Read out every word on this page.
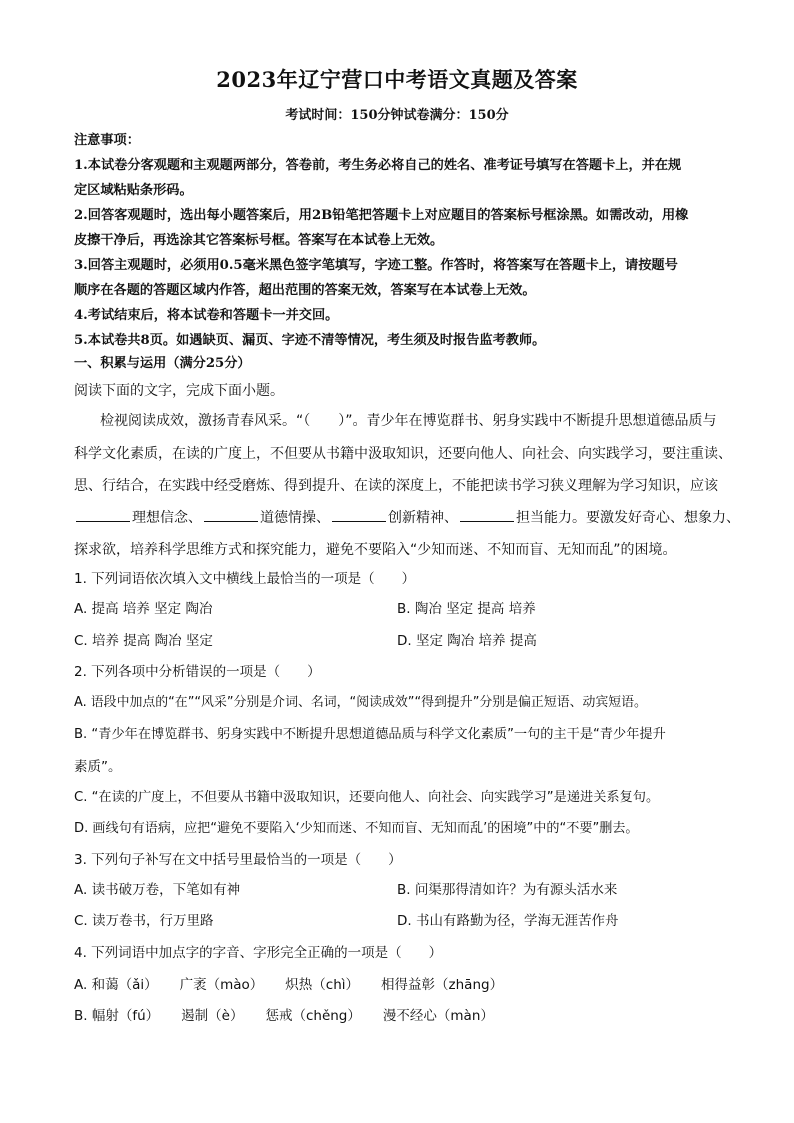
2023年辽宁营口中考语文真题及答案
考试时间：150分钟试卷满分：150分
注意事项：
1.本试卷分客观题和主观题两部分，答卷前，考生务必将自己的姓名、准考证号填写在答题卡上，并在规
定区域粘贴条形码。
2.回答客观题时，选出每小题答案后，用2B铅笔把答题卡上对应题目的答案标号框涂黑。如需改动，用橡
皮擦干净后，再选涂其它答案标号框。答案写在本试卷上无效。
3.回答主观题时，必须用0.5毫米黑色签字笔填写，字迹工整。作答时，将答案写在答题卡上，请按题号
顺序在各题的答题区域内作答，超出范围的答案无效，答案写在本试卷上无效。
4.考试结束后，将本试卷和答题卡一并交回。
5.本试卷共8页。如遇缺页、漏页、字迹不清等情况，考生须及时报告监考教师。
一、积累与运用（满分25分）
阅读下面的文字，完成下面小题。
检视阅读成效，激扬青春风采。“（　　）”。青少年在博览群书、躬身实践中不断提升思想道德品质与
科学文化素质，在读的广度上，不但要从书籍中汲取知识，还要向他人、向社会、向实践学习，要注重读、
思、行结合，在实践中经受磨炼、得到提升、在读的深度上，不能把读书学习狭义理解为学习知识，应该
理想信念、	道德情操、	创新精神、	担当能力。要激发好奇心、想象力、
探求欲，培养科学思维方式和探究能力，避免不要陷入“少知而迷、不知而盲、无知而乱”的困境。
1. 下列词语依次填入文中横线上最恰当的一项是（　　）
A. 提高 培养 坚定 陶冶	B. 陶冶 坚定 提高 培养
C. 培养 提高 陶冶 坚定	D. 坚定 陶冶 培养 提高
2. 下列各项中分析错误的一项是（　　）
A. 语段中加点的“在”“风采”分别是介词、名词，“阅读成效”“得到提升”分别是偏正短语、动宾短语。
B. “青少年在博览群书、躬身实践中不断提升思想道德品质与科学文化素质”一句的主干是“青少年提升
素质”。
C. “在读的广度上，不但要从书籍中汲取知识，还要向他人、向社会、向实践学习”是递进关系复句。
D. 画线句有语病，应把“避免不要陷入‘少知而迷、不知而盲、无知而乱’的困境”中的“不要”删去。
3. 下列句子补写在文中括号里最恰当的一项是（　　）
A. 读书破万卷，下笔如有神	B. 问渠那得清如许？为有源头活水来
C. 读万卷书，行万里路	D. 书山有路勤为径，学海无涯苦作舟
4. 下列词语中加点字的字音、字形完全正确的一项是（　　）
A. 和蔼（ǎi） 广袤（mào） 炽热（chì） 相得益彰（zhāng）
B. 幅射（fú） 遏制（è） 惩戒（chěng） 漫不经心（màn）
